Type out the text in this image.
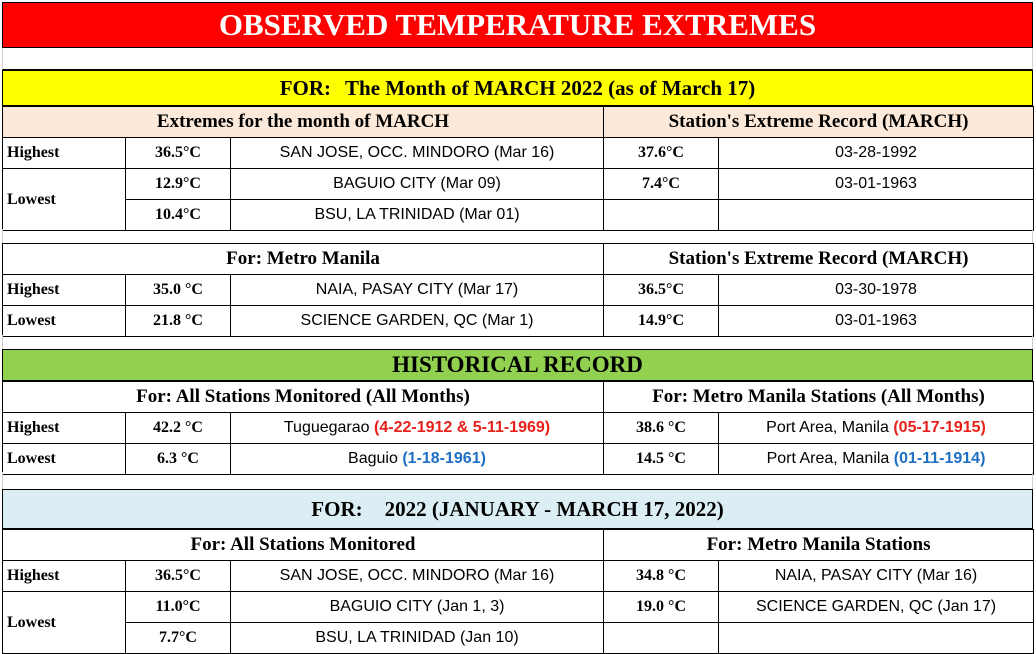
OBSERVED TEMPERATURE EXTREMES
FOR: The Month of MARCH 2022 (as of March 17)
Extremes for the month of MARCH			Station's Extreme Record (MARCH)	
Highest	36.5°C	SAN JOSE, OCC. MINDORO (Mar 16)	37.6°C	03-28-1992
Lowest	12.9°C	BAGUIO CITY (Mar 09)	7.4°C	03-01-1963
	10.4°C	BSU, LA TRINIDAD (Mar 01)		
For: Metro Manila			Station's Extreme Record (MARCH)	
Highest	35.0 °C	NAIA, PASAY CITY (Mar 17)	36.5°C	03-30-1978
Lowest	21.8 °C	SCIENCE GARDEN, QC (Mar 1)	14.9°C	03-01-1963
HISTORICAL RECORD
For: All Stations Monitored (All Months)			For: Metro Manila Stations (All Months)	
Highest	42.2 °C	Tuguegarao (4-22-1912 & 5-11-1969)	38.6 °C	Port Area, Manila (05-17-1915)
Lowest	6.3 °C	Baguio (1-18-1961)	14.5 °C	Port Area, Manila (01-11-1914)
FOR: 2022 (JANUARY - MARCH 17, 2022)
For: All Stations Monitored			For: Metro Manila Stations	
Highest	36.5°C	SAN JOSE, OCC. MINDORO (Mar 16)	34.8 °C	NAIA, PASAY CITY (Mar 16)
Lowest	11.0°C	BAGUIO CITY (Jan 1, 3)	19.0 °C	SCIENCE GARDEN, QC (Jan 17)
	7.7°C	BSU, LA TRINIDAD (Jan 10)		
